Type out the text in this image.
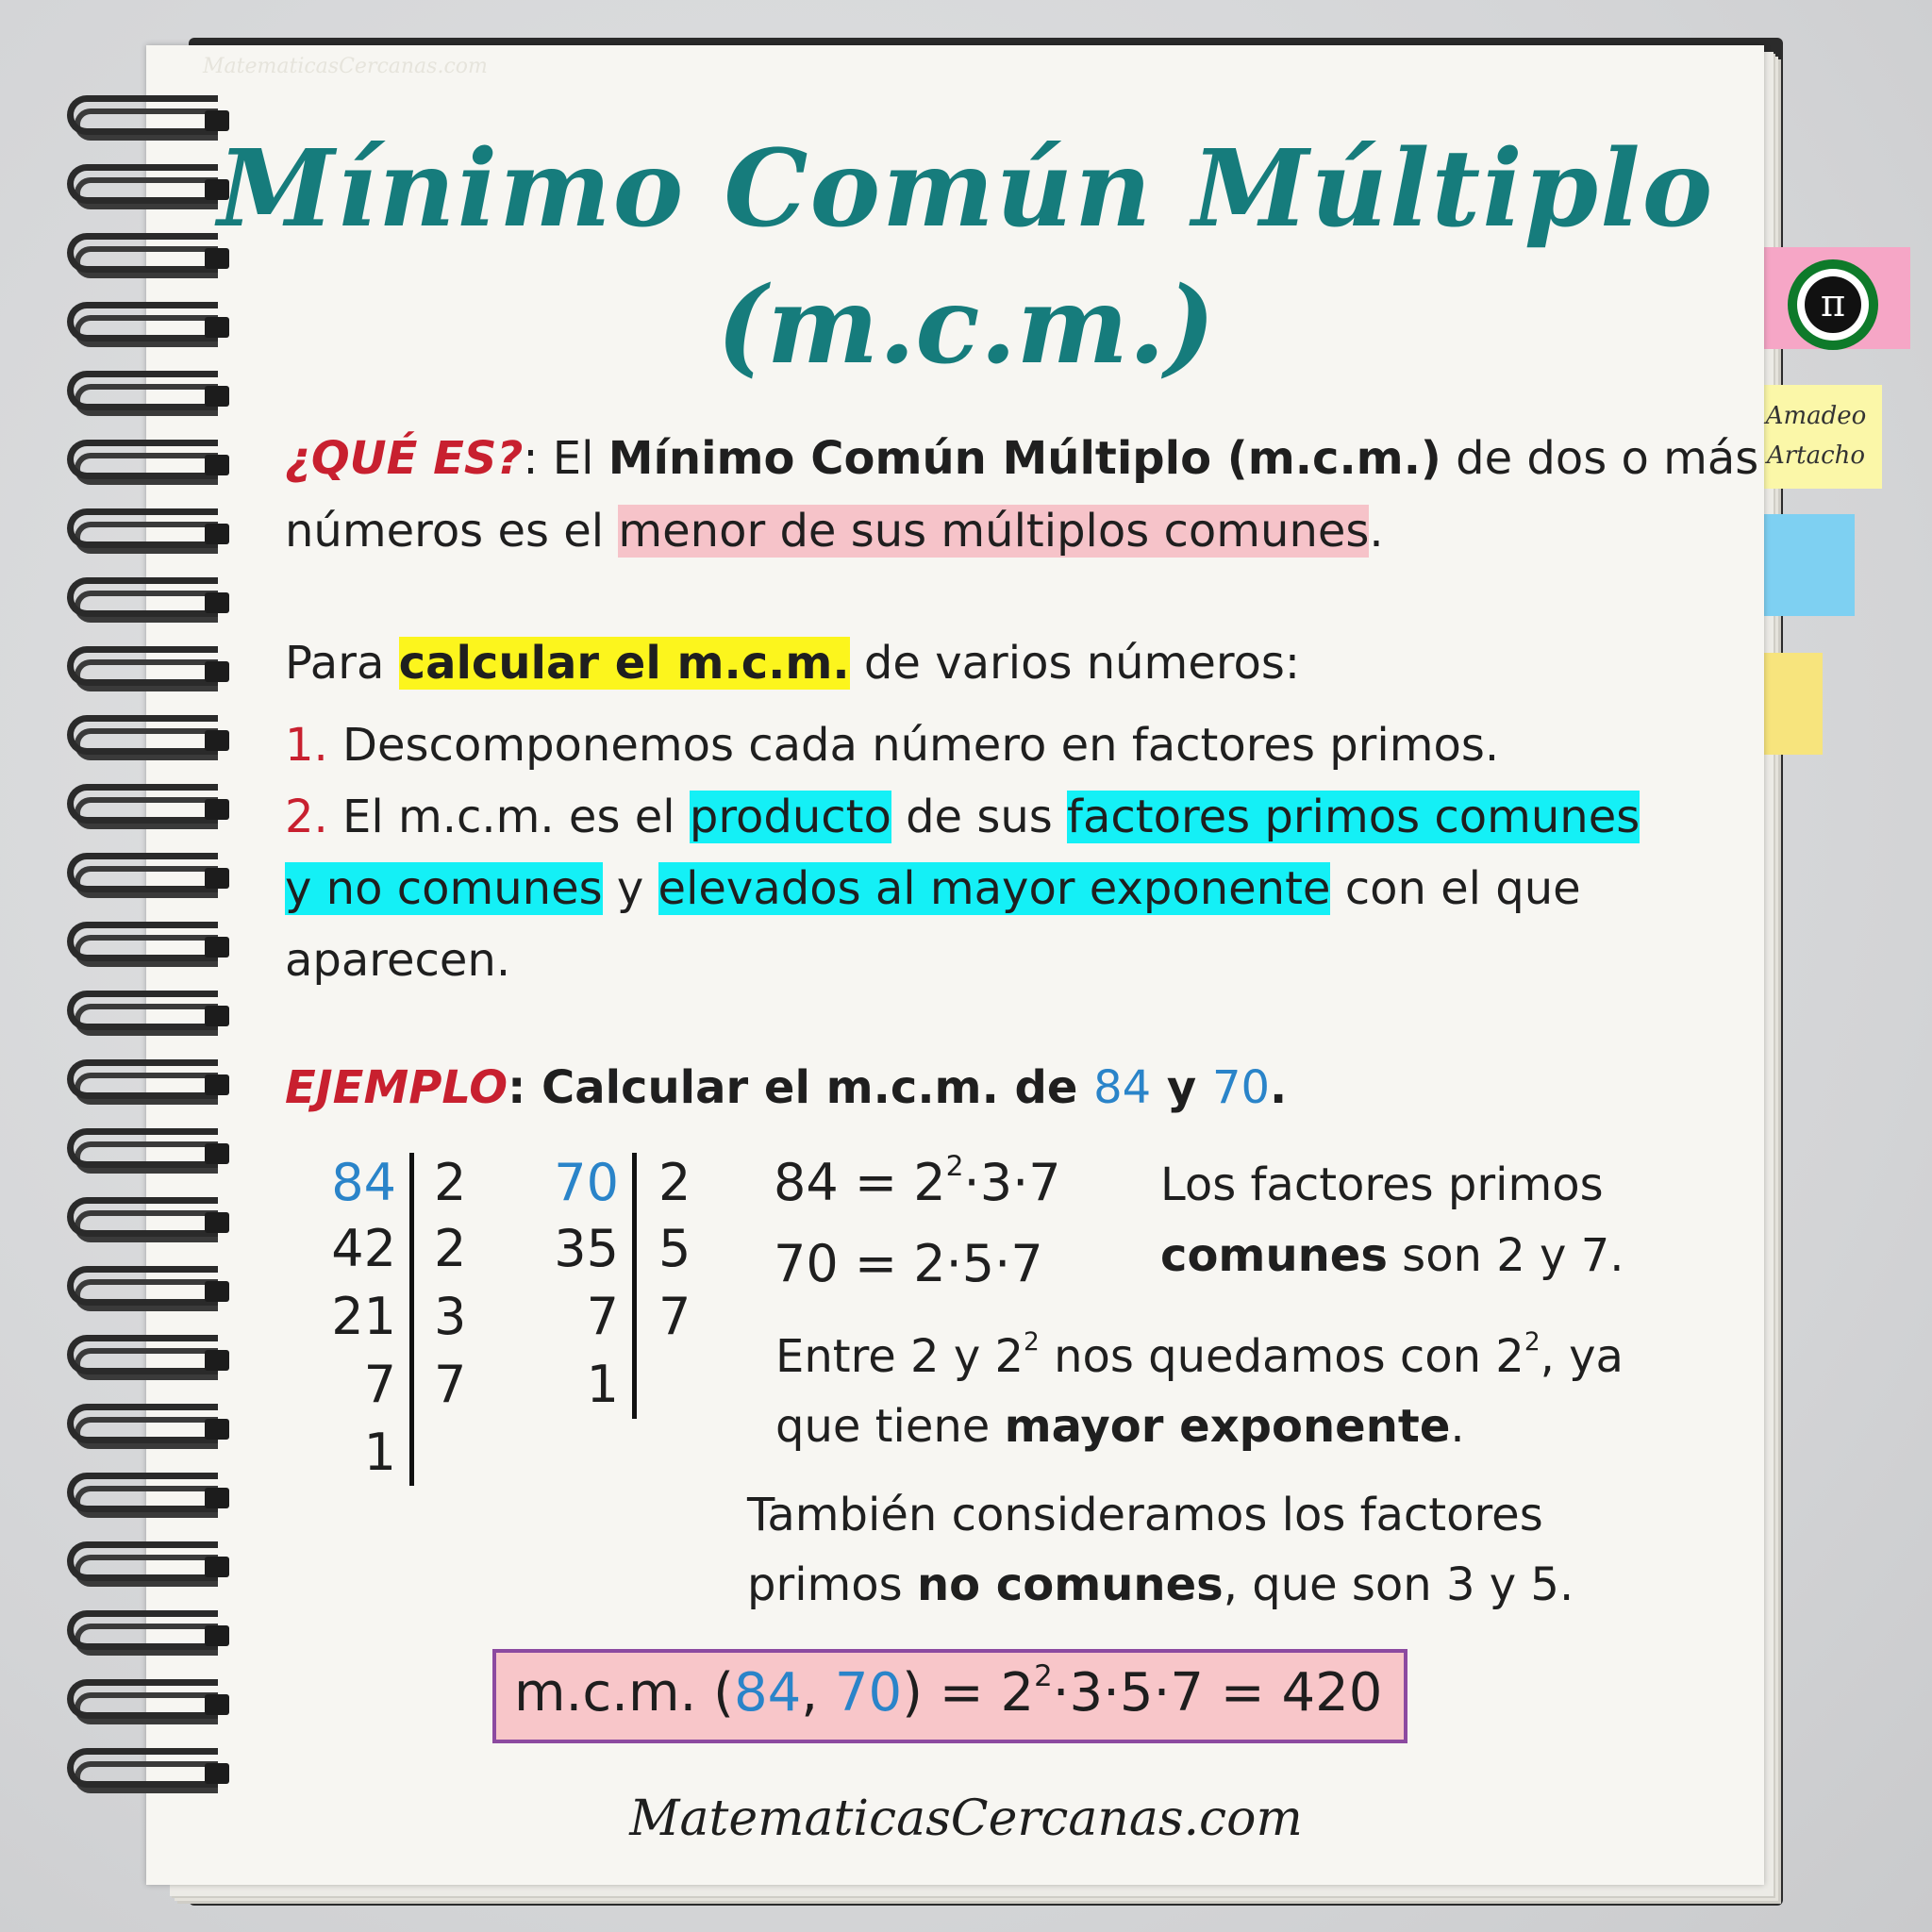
π
Amadeo
Artacho
MatematicasCercanas.com
Mínimo Común Múltiplo
(m.c.m.)
¿QUÉ ES?: El Mínimo Común Múltiplo (m.c.m.) de dos o más
números es el menor de sus múltiplos comunes.
Para calcular el m.c.m. de varios números:
1. Descomponemos cada número en factores primos.
2. El m.c.m. es el producto de sus factores primos comunes
y no comunes y elevados al mayor exponente con el que
aparecen.
EJEMPLO: Calcular el m.c.m. de 84 y 70.
84
42
21
7
1
2
2
3
7
70
35
7
1
2
5
7
$84 = 2^2\cdot 3\cdot 7$
70 = 2·5·7
Los factores primos
comunes son 2 y 7.
Entre 2 y $2^2$ nos quedamos con $2^2$, ya
que tiene mayor exponente.
También consideramos los factores
primos no comunes, que son 3 y 5.
m.c.m. (84, $70) = 2^2\cdot 3\cdot 5\cdot 7 = 420$
MatematicasCercanas.com
